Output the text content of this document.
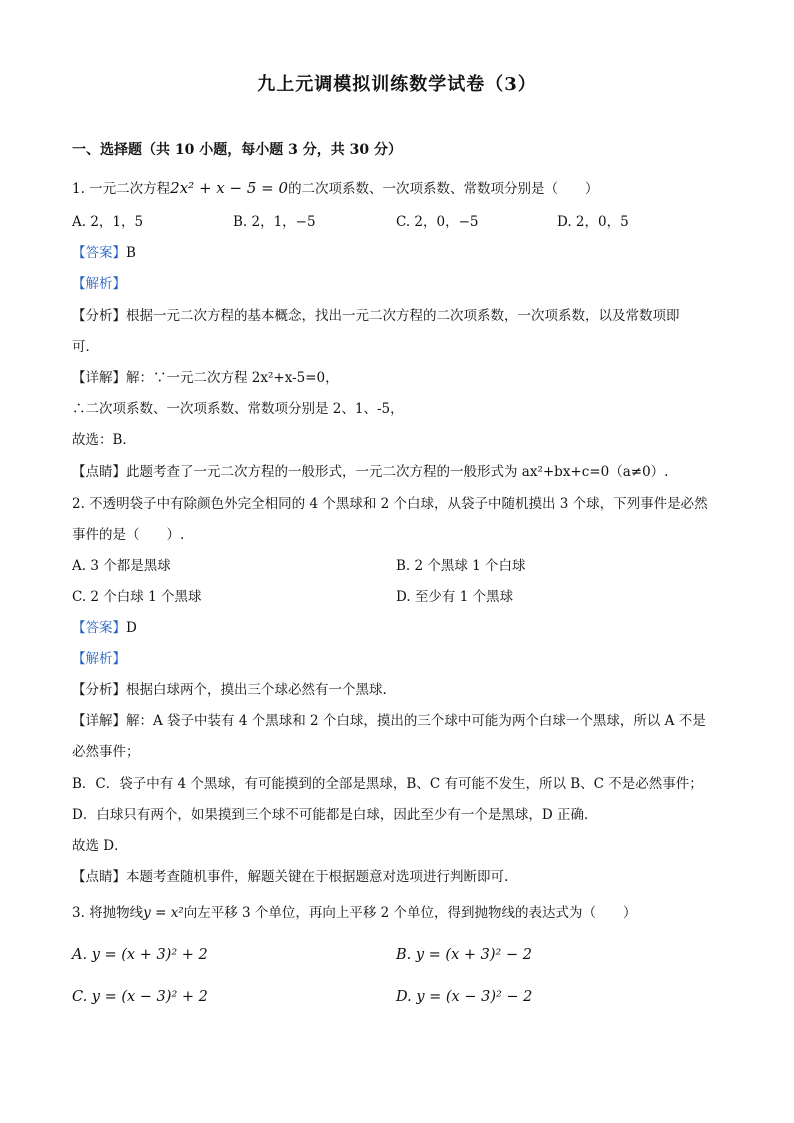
九上元调模拟训练数学试卷（3）
一、选择题（共 10 小题，每小题 3 分，共 30 分）
1. 一元二次方程2x² + x − 5 = 0的二次项系数、一次项系数、常数项分别是（　　）
A. 2，1，5	B. 2，1，−5	C. 2，0，−5	D. 2，0，5
【答案】B
【解析】
【分析】根据一元二次方程的基本概念，找出一元二次方程的二次项系数，一次项系数，以及常数项即
可．
【详解】解：∵一元二次方程 2x²+x-5=0，
∴二次项系数、一次项系数、常数项分别是 2、1、-5，
故选：B．
【点睛】此题考查了一元二次方程的一般形式，一元二次方程的一般形式为 ax²+bx+c=0（a≠0）.
2. 不透明袋子中有除颜色外完全相同的 4 个黑球和 2 个白球，从袋子中随机摸出 3 个球，下列事件是必然
事件的是（　　）.
A. 3 个都是黑球	B. 2 个黑球 1 个白球
C. 2 个白球 1 个黑球	D. 至少有 1 个黑球
【答案】D
【解析】
【分析】根据白球两个，摸出三个球必然有一个黑球.
【详解】解：A 袋子中装有 4 个黑球和 2 个白球，摸出的三个球中可能为两个白球一个黑球，所以 A 不是
必然事件；
B．C．袋子中有 4 个黑球，有可能摸到的全部是黑球，B、C 有可能不发生，所以 B、C 不是必然事件；
D．白球只有两个，如果摸到三个球不可能都是白球，因此至少有一个是黑球，D 正确．
故选 D．
【点睛】本题考查随机事件，解题关键在于根据题意对选项进行判断即可.
3. 将抛物线y = x²向左平移 3 个单位，再向上平移 2 个单位，得到抛物线的表达式为（　　）
A. y = (x + 3)² + 2	B. y = (x + 3)² − 2
C. y = (x − 3)² + 2	D. y = (x − 3)² − 2
